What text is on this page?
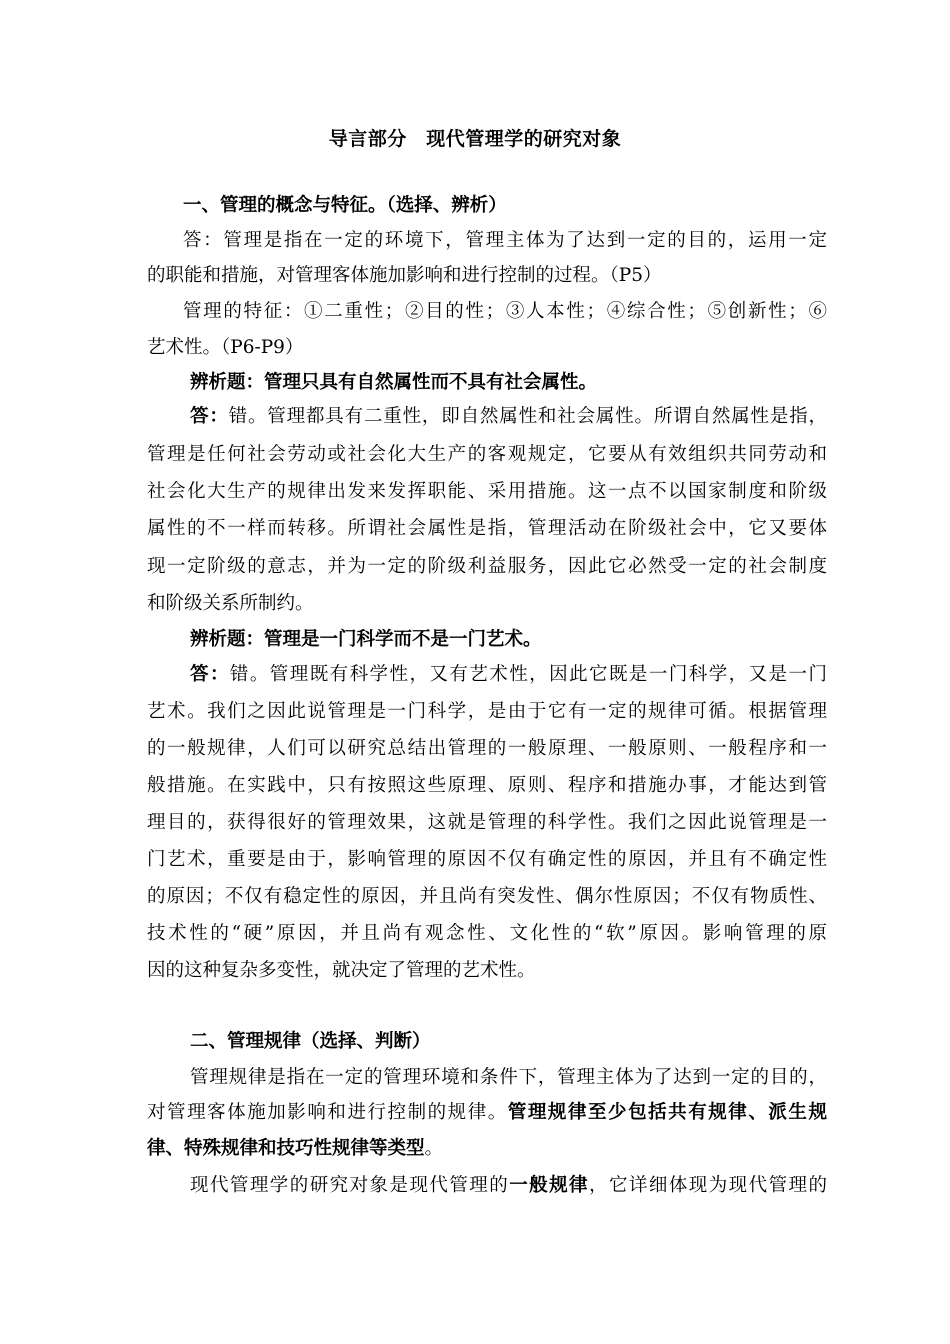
导言部分　现代管理学的研究对象
一、管理的概念与特征。（选择、辨析）
答：管理是指在一定的环境下，管理主体为了达到一定的目的，运用一定
的职能和措施，对管理客体施加影响和进行控制的过程。（P5）
管理的特征：①二重性；②目的性；③人本性；④综合性；⑤创新性；⑥
艺术性。（P6-P9）
辨析题：管理只具有自然属性而不具有社会属性。
答：错。管理都具有二重性，即自然属性和社会属性。所谓自然属性是指，
管理是任何社会劳动或社会化大生产的客观规定，它要从有效组织共同劳动和
社会化大生产的规律出发来发挥职能、采用措施。这一点不以国家制度和阶级
属性的不一样而转移。所谓社会属性是指，管理活动在阶级社会中，它又要体
现一定阶级的意志，并为一定的阶级利益服务，因此它必然受一定的社会制度
和阶级关系所制约。
辨析题：管理是一门科学而不是一门艺术。
答：错。管理既有科学性，又有艺术性，因此它既是一门科学，又是一门
艺术。我们之因此说管理是一门科学，是由于它有一定的规律可循。根据管理
的一般规律，人们可以研究总结出管理的一般原理、一般原则、一般程序和一
般措施。在实践中，只有按照这些原理、原则、程序和措施办事，才能达到管
理目的，获得很好的管理效果，这就是管理的科学性。我们之因此说管理是一
门艺术，重要是由于，影响管理的原因不仅有确定性的原因，并且有不确定性
的原因；不仅有稳定性的原因，并且尚有突发性、偶尔性原因；不仅有物质性、
技术性的“硬”原因，并且尚有观念性、文化性的“软”原因。影响管理的原
因的这种复杂多变性，就决定了管理的艺术性。
二、管理规律（选择、判断）
管理规律是指在一定的管理环境和条件下，管理主体为了达到一定的目的，
对管理客体施加影响和进行控制的规律。管理规律至少包括共有规律、派生规
律、特殊规律和技巧性规律等类型。
现代管理学的研究对象是现代管理的一般规律，它详细体现为现代管理的
